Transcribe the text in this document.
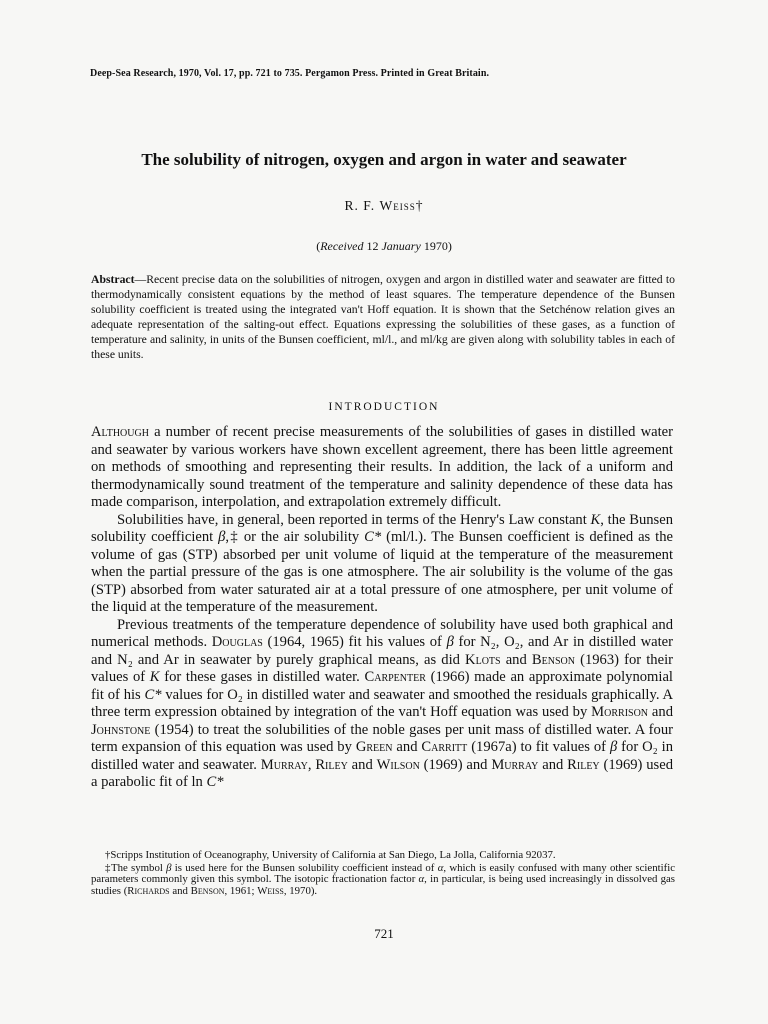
Deep-Sea Research, 1970, Vol. 17, pp. 721 to 735. Pergamon Press. Printed in Great Britain.
The solubility of nitrogen, oxygen and argon in water and seawater
R. F. Weiss†
(Received 12 January 1970)
Abstract—Recent precise data on the solubilities of nitrogen, oxygen and argon in distilled water and seawater are fitted to thermodynamically consistent equations by the method of least squares. The temperature dependence of the Bunsen solubility coefficient is treated using the integrated van't Hoff equation. It is shown that the Setchénow relation gives an adequate representation of the salting-out effect. Equations expressing the solubilities of these gases, as a function of temperature and salinity, in units of the Bunsen coefficient, ml/l., and ml/kg are given along with solubility tables in each of these units.
INTRODUCTION

Although a number of recent precise measurements of the solubilities of gases in distilled water and seawater by various workers have shown excellent agreement, there has been little agreement on methods of smoothing and representing their results. In addition, the lack of a uniform and thermodynamically sound treatment of the temperature and salinity dependence of these data has made comparison, interpolation, and extrapolation extremely difficult.

Solubilities have, in general, been reported in terms of the Henry's Law constant K, the Bunsen solubility coefficient β,‡ or the air solubility C* (ml/l.). The Bunsen coefficient is defined as the volume of gas (STP) absorbed per unit volume of liquid at the temperature of the measurement when the partial pressure of the gas is one atmosphere. The air solubility is the volume of the gas (STP) absorbed from water saturated air at a total pressure of one atmosphere, per unit volume of the liquid at the temperature of the measurement.

Previous treatments of the temperature dependence of solubility have used both graphical and numerical methods. Douglas (1964, 1965) fit his values of β for N₂, O₂, and Ar in distilled water and N₂ and Ar in seawater by purely graphical means, as did Klots and Benson (1963) for their values of K for these gases in distilled water. Carpenter (1966) made an approximate polynomial fit of his C* values for O₂ in distilled water and seawater and smoothed the residuals graphically. A three term expression obtained by integration of the van't Hoff equation was used by Morrison and Johnstone (1954) to treat the solubilities of the noble gases per unit mass of distilled water. A four term expansion of this equation was used by Green and Carritt (1967a) to fit values of β for O₂ in distilled water and seawater. Murray, Riley and Wilson (1969) and Murray and Riley (1969) used a parabolic fit of ln C*

†Scripps Institution of Oceanography, University of California at San Diego, La Jolla, California 92037.

‡The symbol β is used here for the Bunsen solubility coefficient instead of α, which is easily confused with many other scientific parameters commonly given this symbol. The isotopic fractionation factor α, in particular, is being used increasingly in dissolved gas studies (Richards and Benson, 1961; Weiss, 1970).

721
